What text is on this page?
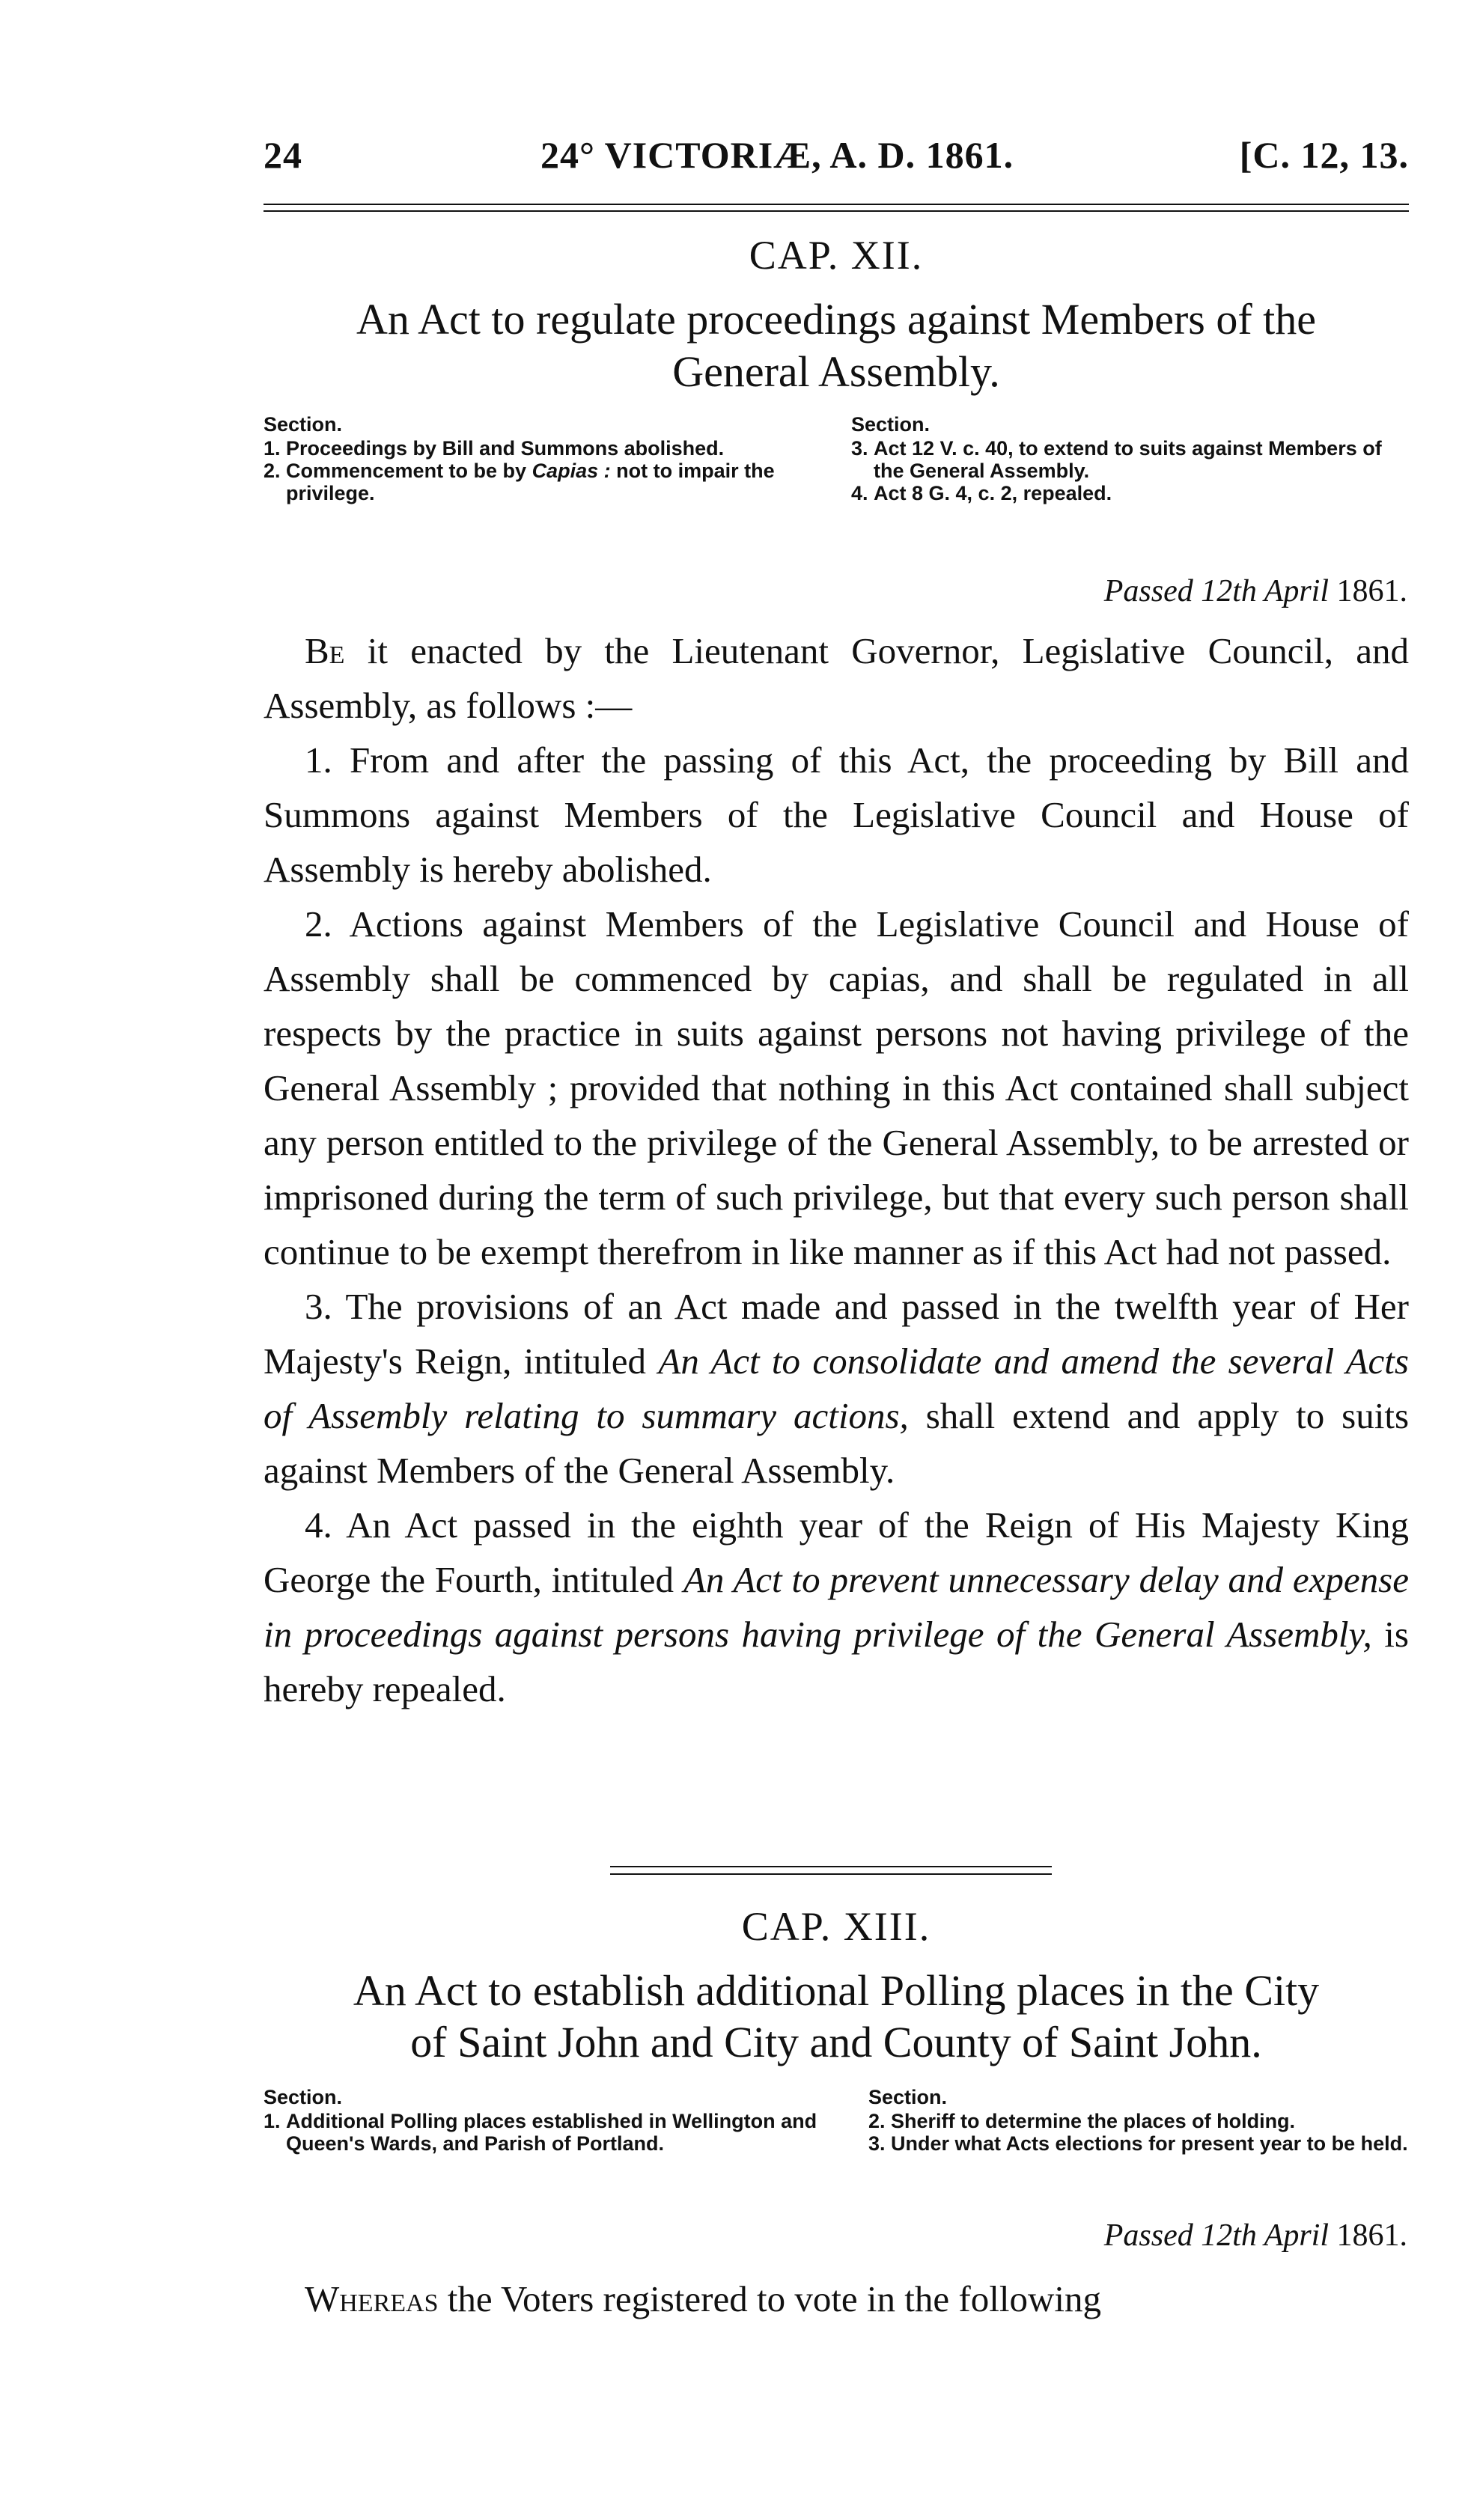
24	24° VICTORIÆ, A. D. 1861.	[C. 12, 13.
CAP. XII.
An Act to regulate proceedings against Members of the
General Assembly.
Section.
1. Proceedings by Bill and Summons abolished.
2. Commencement to be by Capias : not to impair the privilege.
Section.
3. Act 12 V. c. 40, to extend to suits against Members of the General Assembly.
4. Act 8 G. 4, c. 2, repealed.
Passed 12th April 1861.

Be it enacted by the Lieutenant Governor, Legislative Council, and Assembly, as follows :—

1. From and after the passing of this Act, the proceeding by Bill and Summons against Members of the Legislative Council and House of Assembly is hereby abolished.

2. Actions against Members of the Legislative Council and House of Assembly shall be commenced by capias, and shall be regulated in all respects by the practice in suits against persons not having privilege of the General Assembly ; provided that nothing in this Act contained shall subject any person entitled to the privilege of the General Assembly, to be arrested or imprisoned during the term of such privilege, but that every such person shall continue to be exempt therefrom in like manner as if this Act had not passed.

3. The provisions of an Act made and passed in the twelfth year of Her Majesty's Reign, intituled An Act to consolidate and amend the several Acts of Assembly relating to summary actions, shall extend and apply to suits against Members of the General Assembly.

4. An Act passed in the eighth year of the Reign of His Majesty King George the Fourth, intituled An Act to prevent unnecessary delay and expense in proceedings against persons having privilege of the General Assembly, is hereby repealed.

CAP. XIII.
An Act to establish additional Polling places in the City
of Saint John and City and County of Saint John.
Section.
1. Additional Polling places established in Wellington and Queen's Wards, and Parish of Portland.
Section.
2. Sheriff to determine the places of holding.
3. Under what Acts elections for present year to be held.
Passed 12th April 1861.

Whereas the Voters registered to vote in the following
